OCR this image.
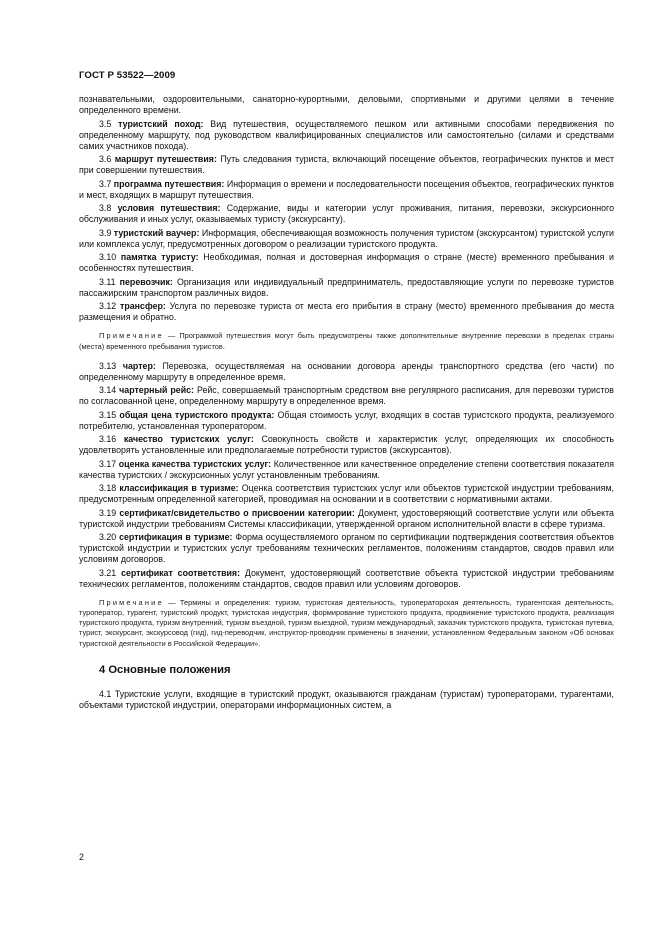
ГОСТ Р 53522—2009

познавательными, оздоровительными, санаторно-курортными, деловыми, спортивными и другими целями в течение определенного времени.

3.5 туристский поход: Вид путешествия, осуществляемого пешком или активными способами передвижения по определенному маршруту, под руководством квалифицированных специалистов или самостоятельно (силами и средствами самих участников похода).

3.6 маршрут путешествия: Путь следования туриста, включающий посещение объектов, географических пунктов и мест при совершении путешествия.

3.7 программа путешествия: Информация о времени и последовательности посещения объектов, географических пунктов и мест, входящих в маршрут путешествия.

3.8 условия путешествия: Содержание, виды и категории услуг проживания, питания, перевозки, экскурсионного обслуживания и иных услуг, оказываемых туристу (экскурсанту).

3.9 туристский ваучер: Информация, обеспечивающая возможность получения туристом (экскурсантом) туристской услуги или комплекса услуг, предусмотренных договором о реализации туристского продукта.

3.10 памятка туристу: Необходимая, полная и достоверная информация о стране (месте) временного пребывания и особенностях путешествия.

3.11 перевозчик: Организация или индивидуальный предприниматель, предоставляющие услуги по перевозке туристов пассажирским транспортом различных видов.

3.12 трансфер: Услуга по перевозке туриста от места его прибытия в страну (место) временного пребывания до места размещения и обратно.

Примечание — Программой путешествия могут быть предусмотрены также дополнительные внутренние перевозки в пределах страны (места) временного пребывания туристов.

3.13 чартер: Перевозка, осуществляемая на основании договора аренды транспортного средства (его части) по определенному маршруту в определенное время.

3.14 чартерный рейс: Рейс, совершаемый транспортным средством вне регулярного расписания, для перевозки туристов по согласованной цене, определенному маршруту в определенное время.

3.15 общая цена туристского продукта: Общая стоимость услуг, входящих в состав туристского продукта, реализуемого потребителю, установленная туроператором.

3.16 качество туристских услуг: Совокупность свойств и характеристик услуг, определяющих их способность удовлетворять установленные или предполагаемые потребности туристов (экскурсантов).

3.17 оценка качества туристских услуг: Количественное или качественное определение степени соответствия показателя качества туристских / экскурсионных услуг установленным требованиям.

3.18 классификация в туризме: Оценка соответствия туристских услуг или объектов туристской индустрии требованиям, предусмотренным определенной категорией, проводимая на основании и в соответствии с нормативными актами.

3.19 сертификат/свидетельство о присвоении категории: Документ, удостоверяющий соответствие услуги или объекта туристской индустрии требованиям Системы классификации, утвержденной органом исполнительной власти в сфере туризма.

3.20 сертификация в туризме: Форма осуществляемого органом по сертификации подтверждения соответствия объектов туристской индустрии и туристских услуг требованиям технических регламентов, положениям стандартов, сводов правил или условиям договоров.

3.21 сертификат соответствия: Документ, удостоверяющий соответствие объекта туристской индустрии требованиям технических регламентов, положениям стандартов, сводов правил или условиям договоров.

Примечание — Термины и определения: туризм, туристская деятельность, туроператорская деятельность, турагентская деятельность, туроператор, турагент, туристский продукт, туристская индустрия, формирование туристского продукта, продвижение туристского продукта, реализация туристского продукта, туризм внутренний, туризм въездной, туризм выездной, туризм международный, заказчик туристского продукта, туристская путевка, турист, экскурсант, экскурсовод (гид), гид-переводчик, инструктор-проводник применены в значении, установленном Федеральным законом «Об основах туристской деятельности в Российской Федерации».

4 Основные положения

4.1 Туристские услуги, входящие в туристский продукт, оказываются гражданам (туристам) туроператорами, турагентами, объектами туристской индустрии, операторами информационных систем, а

2
